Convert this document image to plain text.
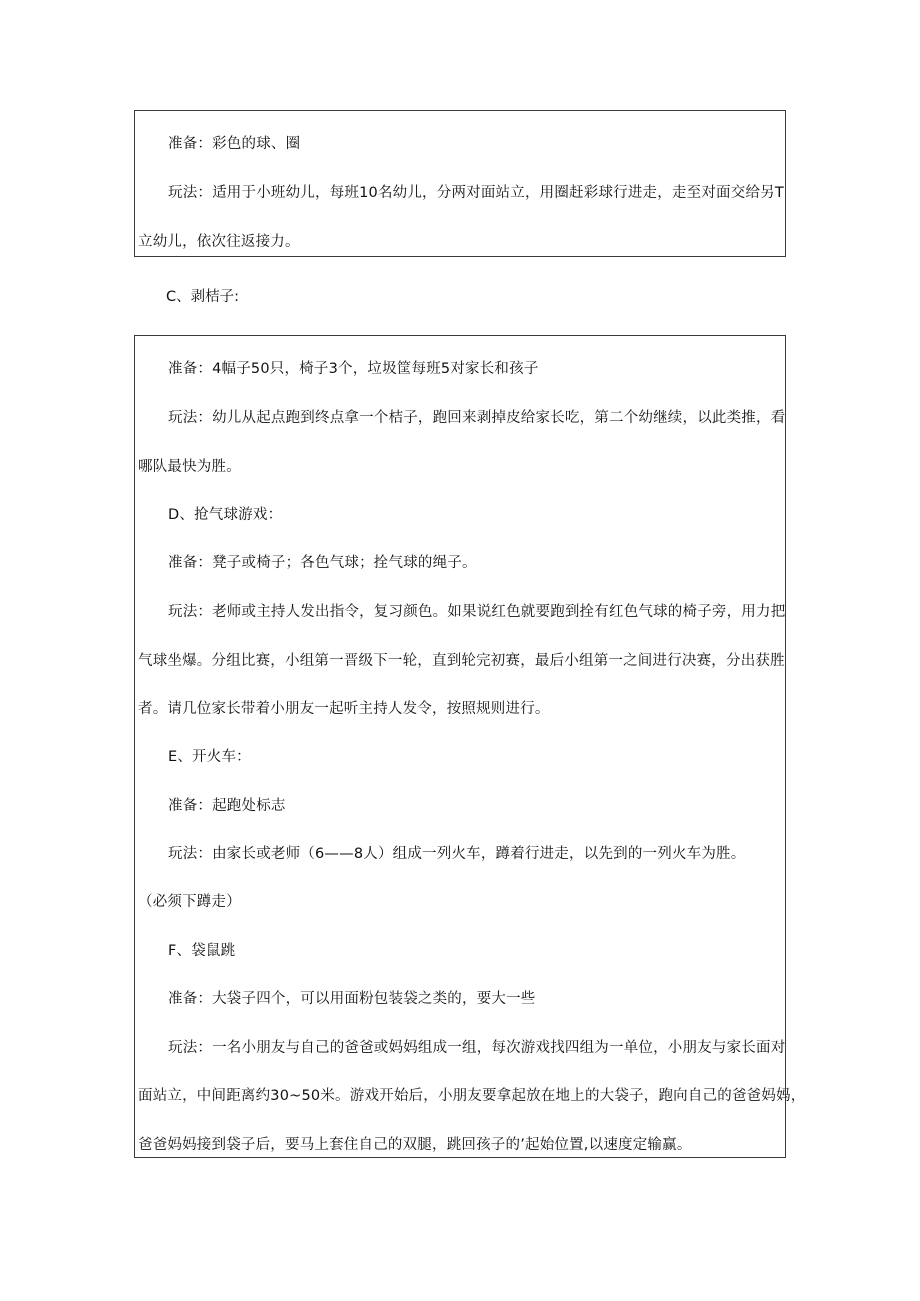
准备：彩色的球、圈

玩法：适用于小班幼儿，每班10名幼儿，分两对面站立，用圈赶彩球行进走，走至对面交给另T

立幼儿，依次往返接力。

C、剥桔子:

准备：4幅子50只，椅子3个，垃圾筐每班5对家长和孩子

玩法：幼儿从起点跑到终点拿一个桔子，跑回来剥掉皮给家长吃，第二个幼继续，以此类推，看

哪队最快为胜。

D、抢气球游戏：

准备：凳子或椅子；各色气球；拴气球的绳子。

玩法：老师或主持人发出指令，复习颜色。如果说红色就要跑到拴有红色气球的椅子旁，用力把

气球坐爆。分组比赛，小组第一晋级下一轮，直到轮完初赛，最后小组第一之间进行决赛，分出获胜

者。请几位家长带着小朋友一起听主持人发令，按照规则进行。

E、开火车：

准备：起跑处标志

玩法：由家长或老师（6——8人）组成一列火车，蹲着行进走，以先到的一列火车为胜。

（必须下蹲走）

F、袋鼠跳

准备：大袋子四个，可以用面粉包装袋之类的，要大一些

玩法：一名小朋友与自己的爸爸或妈妈组成一组，每次游戏找四组为一单位，小朋友与家长面对

面站立，中间距离约30~50米。游戏开始后，小朋友要拿起放在地上的大袋子，跑向自己的爸爸妈妈，

爸爸妈妈接到袋子后，要马上套住自己的双腿，跳回孩子的’起始位置,以速度定输赢。
